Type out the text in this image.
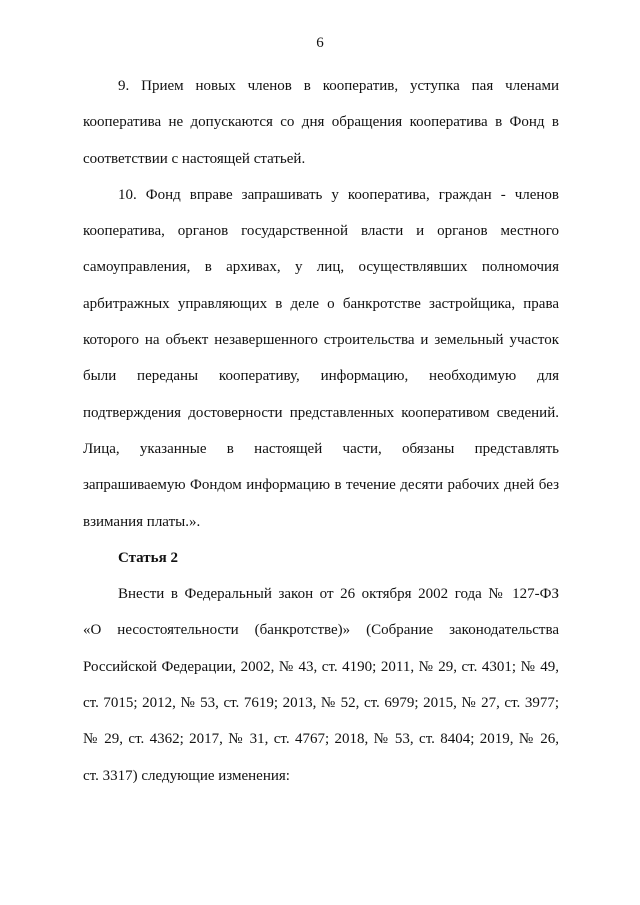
6
9. Прием новых членов в кооператив, уступка пая членами
кооператива не допускаются со дня обращения кооператива в Фонд в
соответствии с настоящей статьей.
10. Фонд вправе запрашивать у кооператива, граждан - членов
кооператива, органов государственной власти и органов местного
самоуправления, в архивах, у лиц, осуществлявших полномочия
арбитражных управляющих в деле о банкротстве застройщика, права
которого на объект незавершенного строительства и земельный участок
были переданы кооперативу, информацию, необходимую для
подтверждения достоверности представленных кооперативом сведений.
Лица, указанные в настоящей части, обязаны представлять
запрашиваемую Фондом информацию в течение десяти рабочих дней без
взимания платы.».
Статья 2
Внести в Федеральный закон от 26 октября 2002 года № 127-ФЗ
«О несостоятельности (банкротстве)» (Собрание законодательства
Российской Федерации, 2002, № 43, ст. 4190; 2011, № 29, ст. 4301; № 49,
ст. 7015; 2012, № 53, ст. 7619; 2013, № 52, ст. 6979; 2015, № 27, ст. 3977;
№ 29, ст. 4362; 2017, № 31, ст. 4767; 2018, № 53, ст. 8404; 2019, № 26,
ст. 3317) следующие изменения:
